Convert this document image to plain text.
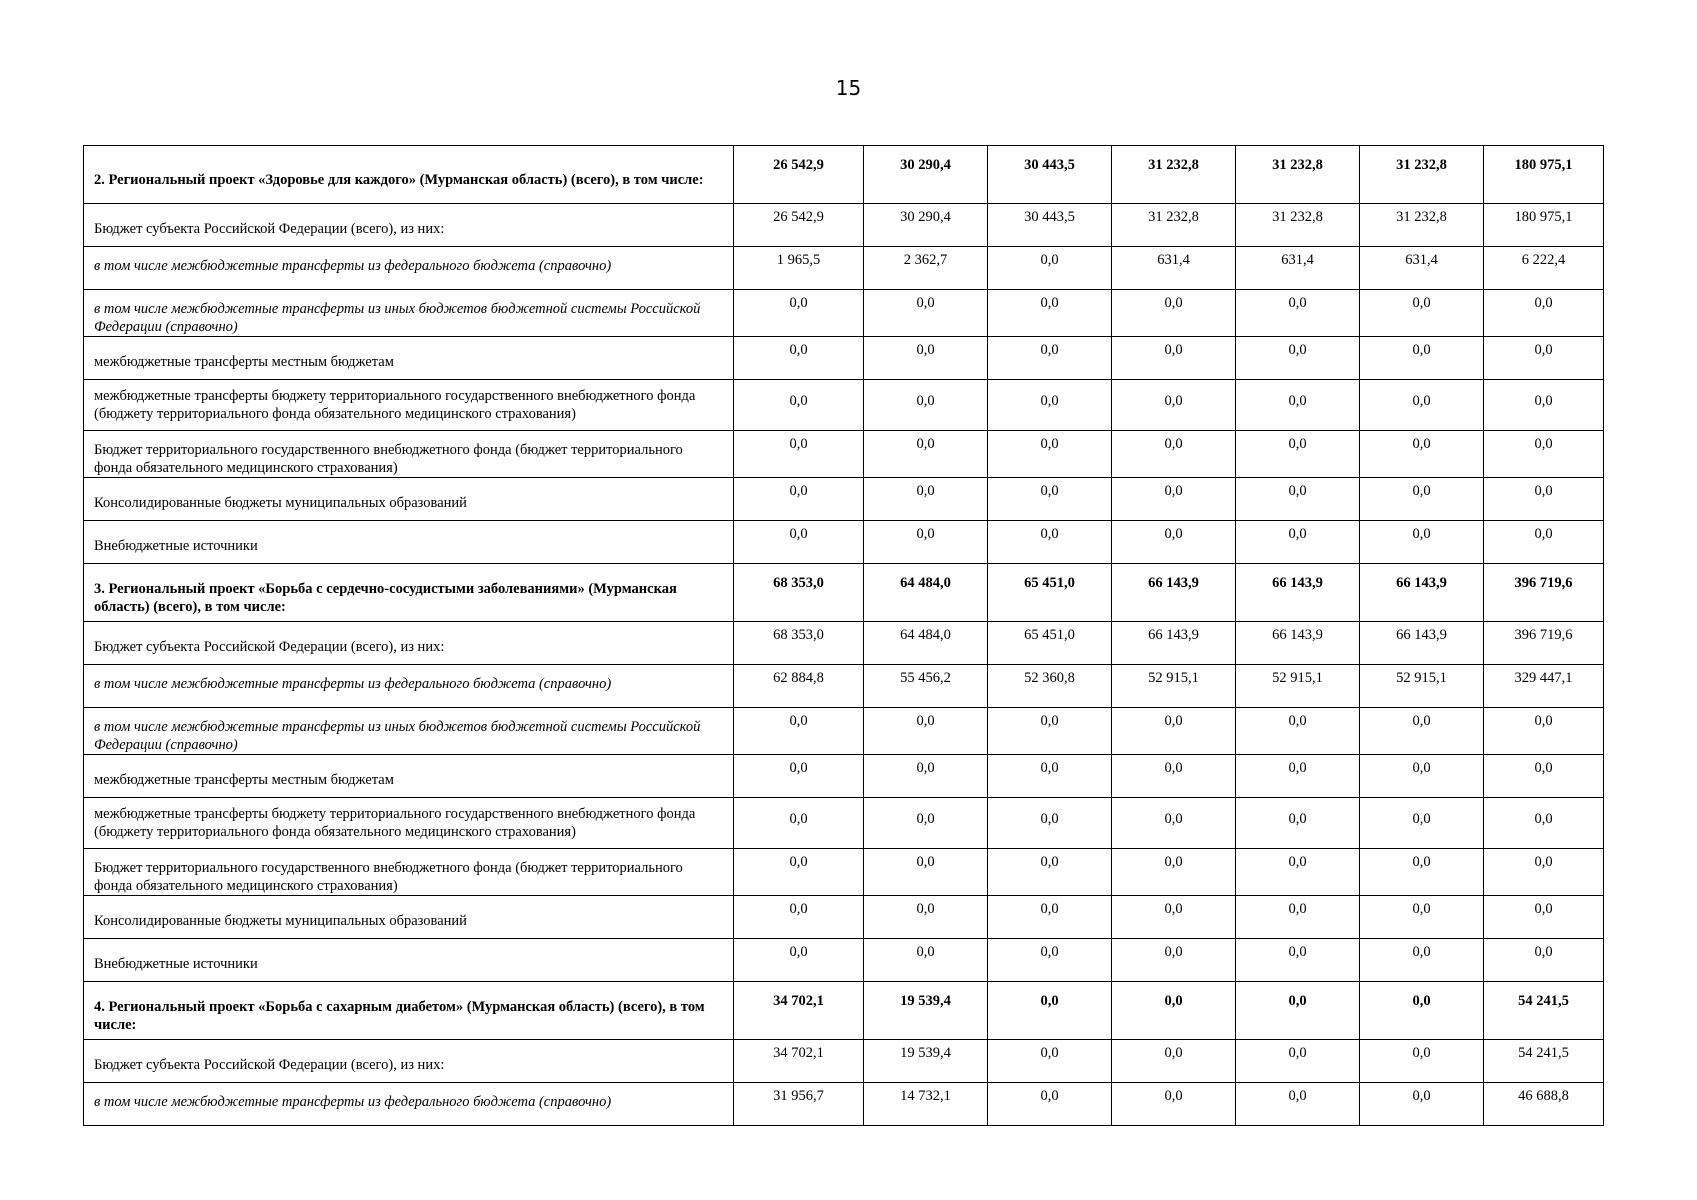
15
2. Региональный проект «Здоровье для каждого» (Мурманская область) (всего), в том числе:	26 542,9	30 290,4	30 443,5	31 232,8	31 232,8	31 232,8	180 975,1
Бюджет субъекта Российской Федерации (всего), из них:	26 542,9	30 290,4	30 443,5	31 232,8	31 232,8	31 232,8	180 975,1
в том числе межбюджетные трансферты из федерального бюджета (справочно)	1 965,5	2 362,7	0,0	631,4	631,4	631,4	6 222,4
в том числе межбюджетные трансферты из иных бюджетов бюджетной системы Российской Федерации (справочно)	0,0	0,0	0,0	0,0	0,0	0,0	0,0
межбюджетные трансферты местным бюджетам	0,0	0,0	0,0	0,0	0,0	0,0	0,0
межбюджетные трансферты бюджету территориального государственного внебюджетного фонда (бюджету территориального фонда обязательного медицинского страхования)	0,0	0,0	0,0	0,0	0,0	0,0	0,0
Бюджет территориального государственного внебюджетного фонда (бюджет территориального фонда обязательного медицинского страхования)	0,0	0,0	0,0	0,0	0,0	0,0	0,0
Консолидированные бюджеты муниципальных образований	0,0	0,0	0,0	0,0	0,0	0,0	0,0
Внебюджетные источники	0,0	0,0	0,0	0,0	0,0	0,0	0,0
3. Региональный проект «Борьба с сердечно-сосудистыми заболеваниями» (Мурманская область) (всего), в том числе:	68 353,0	64 484,0	65 451,0	66 143,9	66 143,9	66 143,9	396 719,6
Бюджет субъекта Российской Федерации (всего), из них:	68 353,0	64 484,0	65 451,0	66 143,9	66 143,9	66 143,9	396 719,6
в том числе межбюджетные трансферты из федерального бюджета (справочно)	62 884,8	55 456,2	52 360,8	52 915,1	52 915,1	52 915,1	329 447,1
в том числе межбюджетные трансферты из иных бюджетов бюджетной системы Российской Федерации (справочно)	0,0	0,0	0,0	0,0	0,0	0,0	0,0
межбюджетные трансферты местным бюджетам	0,0	0,0	0,0	0,0	0,0	0,0	0,0
межбюджетные трансферты бюджету территориального государственного внебюджетного фонда (бюджету территориального фонда обязательного медицинского страхования)	0,0	0,0	0,0	0,0	0,0	0,0	0,0
Бюджет территориального государственного внебюджетного фонда (бюджет территориального фонда обязательного медицинского страхования)	0,0	0,0	0,0	0,0	0,0	0,0	0,0
Консолидированные бюджеты муниципальных образований	0,0	0,0	0,0	0,0	0,0	0,0	0,0
Внебюджетные источники	0,0	0,0	0,0	0,0	0,0	0,0	0,0
4. Региональный проект «Борьба с сахарным диабетом» (Мурманская область) (всего), в том числе:	34 702,1	19 539,4	0,0	0,0	0,0	0,0	54 241,5
Бюджет субъекта Российской Федерации (всего), из них:	34 702,1	19 539,4	0,0	0,0	0,0	0,0	54 241,5
в том числе межбюджетные трансферты из федерального бюджета (справочно)	31 956,7	14 732,1	0,0	0,0	0,0	0,0	46 688,8
